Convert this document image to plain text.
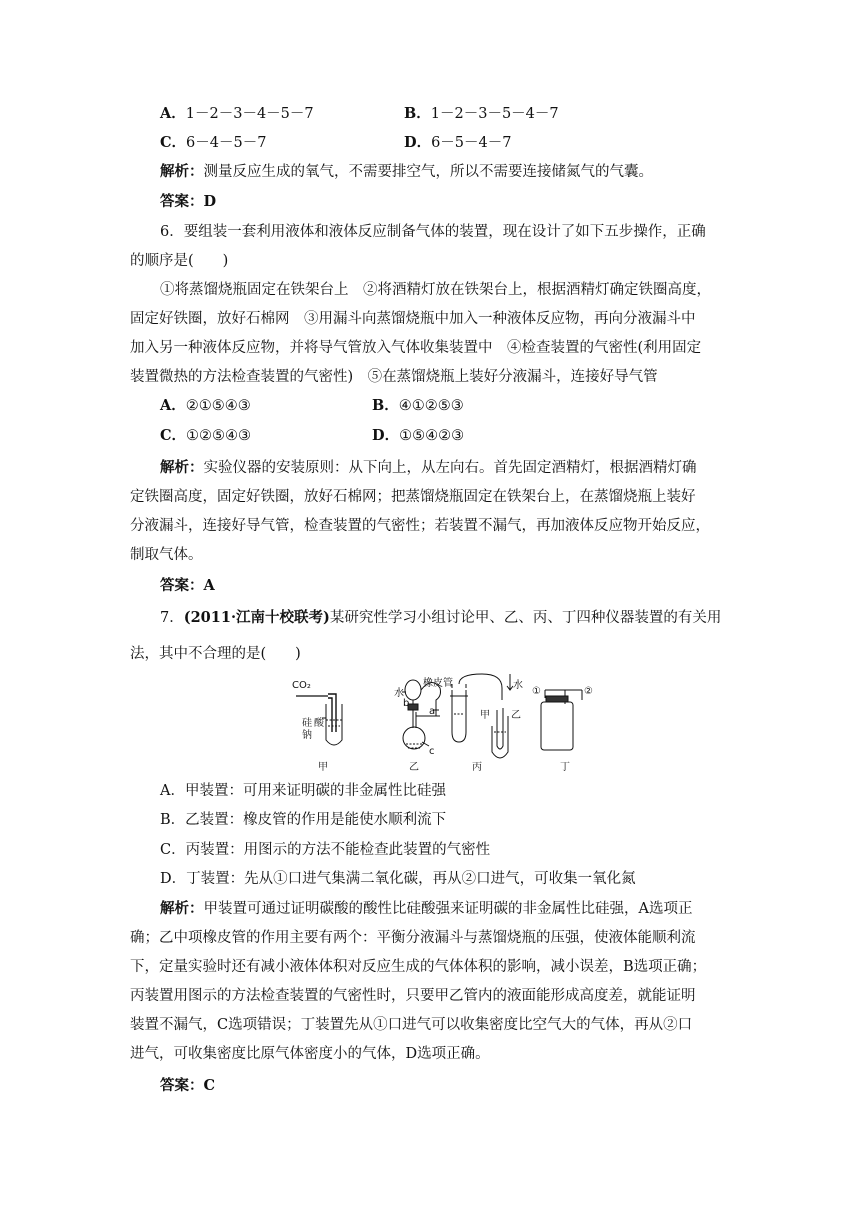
A．1－2－3－4－5－7	B．1－2－3－5－4－7
C．6－4－5－7	D．6－5－4－7
解析：测量反应生成的氧气，不需要排空气，所以不需要连接储氮气的气囊。
答案：D
6．要组装一套利用液体和液体反应制备气体的装置，现在设计了如下五步操作，正确
的顺序是(　　)
①将蒸馏烧瓶固定在铁架台上　②将酒精灯放在铁架台上，根据酒精灯确定铁圈高度，
固定好铁圈，放好石棉网　③用漏斗向蒸馏烧瓶中加入一种液体反应物，再向分液漏斗中
加入另一种液体反应物，并将导气管放入气体收集装置中　④检查装置的气密性(利用固定
装置微热的方法检查装置的气密性)　⑤在蒸馏烧瓶上装好分液漏斗，连接好导气管
A．②①⑤④③	B．④①②⑤③
C．①②⑤④③	D．①⑤④②③
解析：实验仪器的安装原则：从下向上，从左向右。首先固定酒精灯，根据酒精灯确
定铁圈高度，固定好铁圈，放好石棉网；把蒸馏烧瓶固定在铁架台上，在蒸馏烧瓶上装好
分液漏斗，连接好导气管，检查装置的气密性；若装置不漏气，再加液体反应物开始反应，
制取气体。
答案：A
7．(2011·江南十校联考)某研究性学习小组讨论甲、乙、丙、丁四种仪器装置的有关用
法，其中不合理的是(　　)
CO₂
硅 酸
钠
甲
水
橡皮管
b
a
c
乙
水
甲 乙
丙
①	②
丁
A．甲装置：可用来证明碳的非金属性比硅强
B．乙装置：橡皮管的作用是能使水顺利流下
C．丙装置：用图示的方法不能检查此装置的气密性
D．丁装置：先从①口进气集满二氧化碳，再从②口进气，可收集一氧化氮
解析：甲装置可通过证明碳酸的酸性比硅酸强来证明碳的非金属性比硅强，A选项正
确；乙中项橡皮管的作用主要有两个：平衡分液漏斗与蒸馏烧瓶的压强，使液体能顺利流
下，定量实验时还有减小液体体积对反应生成的气体体积的影响，减小误差，B选项正确；
丙装置用图示的方法检查装置的气密性时，只要甲乙管内的液面能形成高度差，就能证明
装置不漏气，C选项错误；丁装置先从①口进气可以收集密度比空气大的气体，再从②口
进气，可收集密度比原气体密度小的气体，D选项正确。
答案：C
